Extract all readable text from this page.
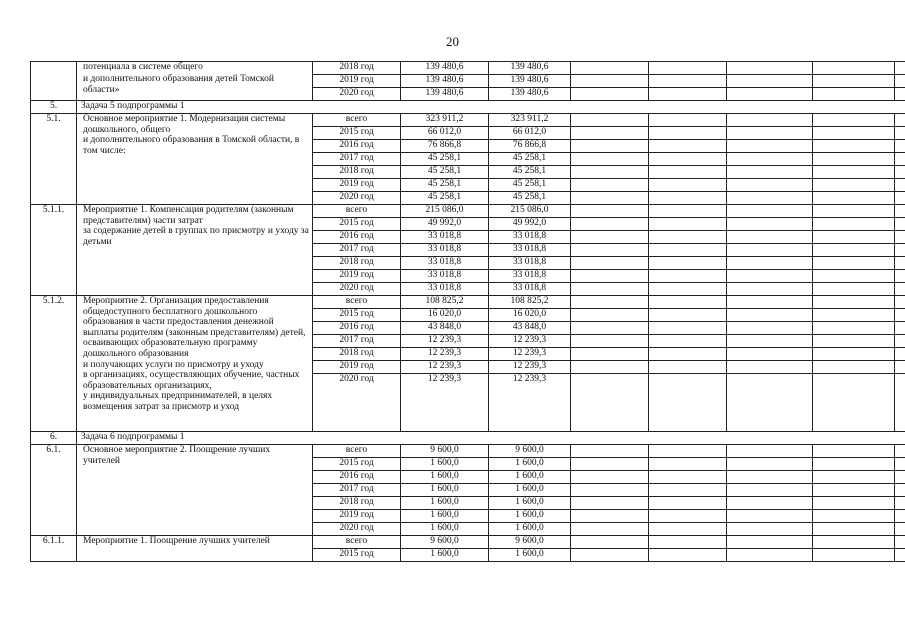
20
	потенциала в системе общего
и дополнительного образования детей Томской области»	2018 год	139 480,6	139 480,6					
		2019 год	139 480,6	139 480,6					
		2020 год	139 480,6	139 480,6					
5.	Задача 5 подпрограммы 1								
5.1.	Основное мероприятие 1. Модернизация системы дошкольного, общего
и дополнительного образования в Томской области, в том числе:	всего	323 911,2	323 911,2					
		2015 год	66 012,0	66 012,0					
		2016 год	76 866,8	76 866,8					
		2017 год	45 258,1	45 258,1					
		2018 год	45 258,1	45 258,1					
		2019 год	45 258,1	45 258,1					
		2020 год	45 258,1	45 258,1					
5.1.1.	Мероприятие 1. Компенсация родителям (законным представителям) части затрат
за содержание детей в группах по присмотру и уходу за детьми	всего	215 086,0	215 086,0					
		2015 год	49 992,0	49 992,0					
		2016 год	33 018,8	33 018,8					
		2017 год	33 018,8	33 018,8					
		2018 год	33 018,8	33 018,8					
		2019 год	33 018,8	33 018,8					
		2020 год	33 018,8	33 018,8					
5.1.2.	Мероприятие 2. Организация предоставления общедоступного бесплатного дошкольного образования в части предоставления денежной выплаты родителям (законным представителям) детей, осваивающих образовательную программу дошкольного образования
и получающих услуги по присмотру и уходу
в организациях, осуществляющих обучение, частных образовательных организациях,
у индивидуальных предпринимателей, в целях возмещения затрат за присмотр и уход	всего	108 825,2	108 825,2					
		2015 год	16 020,0	16 020,0					
		2016 год	43 848,0	43 848,0					
		2017 год	12 239,3	12 239,3					
		2018 год	12 239,3	12 239,3					
		2019 год	12 239,3	12 239,3					
		2020 год	12 239,3	12 239,3					
6.	Задача 6 подпрограммы 1								
6.1.	Основное мероприятие 2. Поощрение лучших учителей	всего	9 600,0	9 600,0					
		2015 год	1 600,0	1 600,0					
		2016 год	1 600,0	1 600,0					
		2017 год	1 600,0	1 600,0					
		2018 год	1 600,0	1 600,0					
		2019 год	1 600,0	1 600,0					
		2020 год	1 600,0	1 600,0					
6.1.1.	Мероприятие 1. Поощрение лучших учителей	всего	9 600,0	9 600,0					
		2015 год	1 600,0	1 600,0					
